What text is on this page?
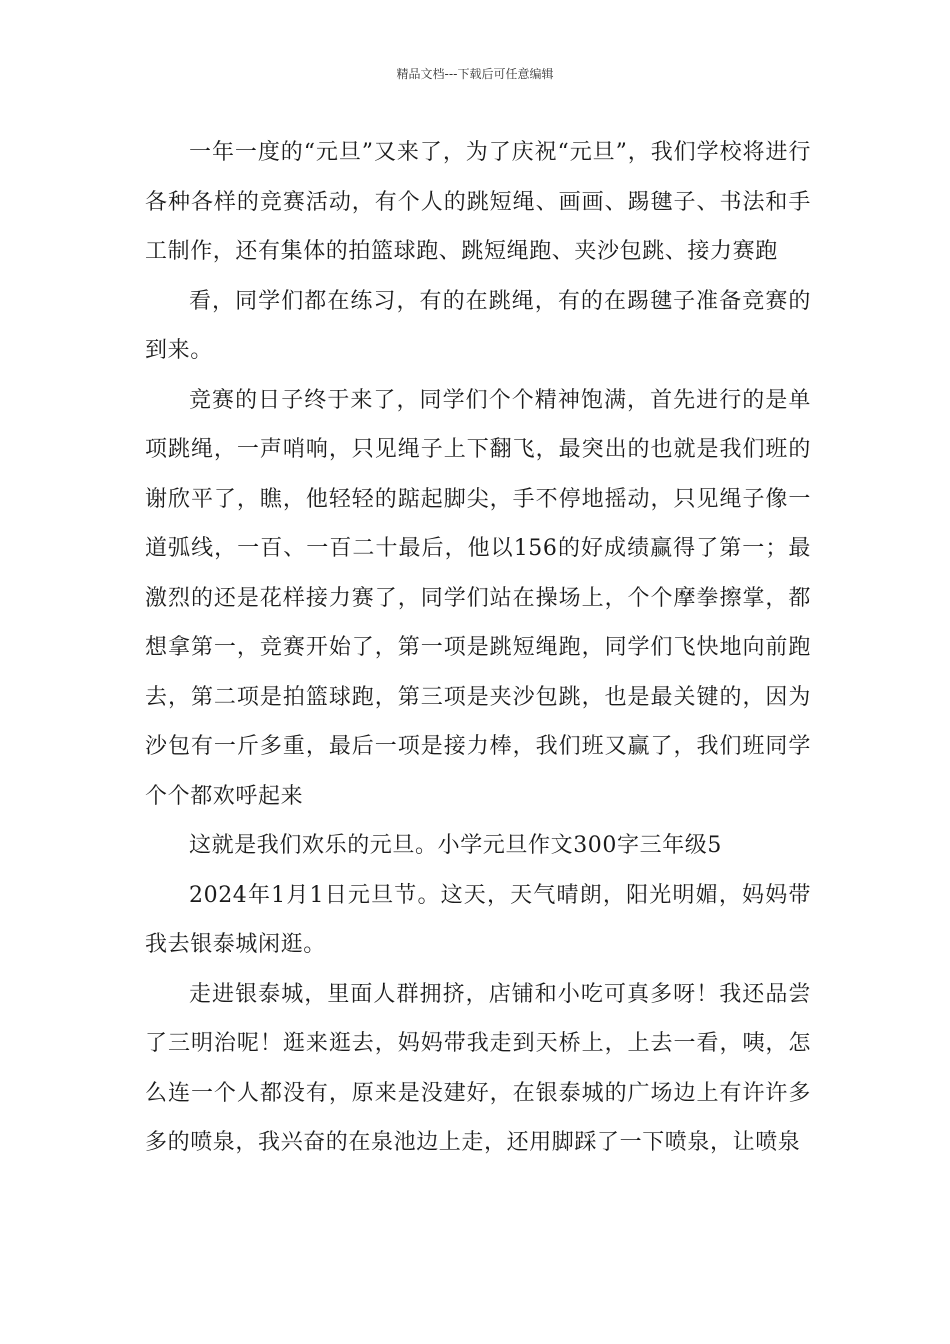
精品文档---下载后可任意编辑

一年一度的“元旦”又来了，为了庆祝“元旦”，我们学校将进行各种各样的竞赛活动，有个人的跳短绳、画画、踢毽子、书法和手工制作，还有集体的拍篮球跑、跳短绳跑、夹沙包跳、接力赛跑

看，同学们都在练习，有的在跳绳，有的在踢毽子准备竞赛的到来。

竞赛的日子终于来了，同学们个个精神饱满，首先进行的是单项跳绳，一声哨响，只见绳子上下翻飞，最突出的也就是我们班的谢欣平了，瞧，他轻轻的踮起脚尖，手不停地摇动，只见绳子像一道弧线，一百、一百二十最后，他以156的好成绩赢得了第一；最激烈的还是花样接力赛了，同学们站在操场上，个个摩拳擦掌，都想拿第一，竞赛开始了，第一项是跳短绳跑，同学们飞快地向前跑去，第二项是拍篮球跑，第三项是夹沙包跳，也是最关键的，因为沙包有一斤多重，最后一项是接力棒，我们班又赢了，我们班同学个个都欢呼起来

这就是我们欢乐的元旦。小学元旦作文300字三年级5

2024年1月1日元旦节。这天，天气晴朗，阳光明媚，妈妈带我去银泰城闲逛。

走进银泰城，里面人群拥挤，店铺和小吃可真多呀！我还品尝了三明治呢！逛来逛去，妈妈带我走到天桥上，上去一看，咦，怎么连一个人都没有，原来是没建好，在银泰城的广场边上有许许多多的喷泉，我兴奋的在泉池边上走，还用脚踩了一下喷泉，让喷泉
